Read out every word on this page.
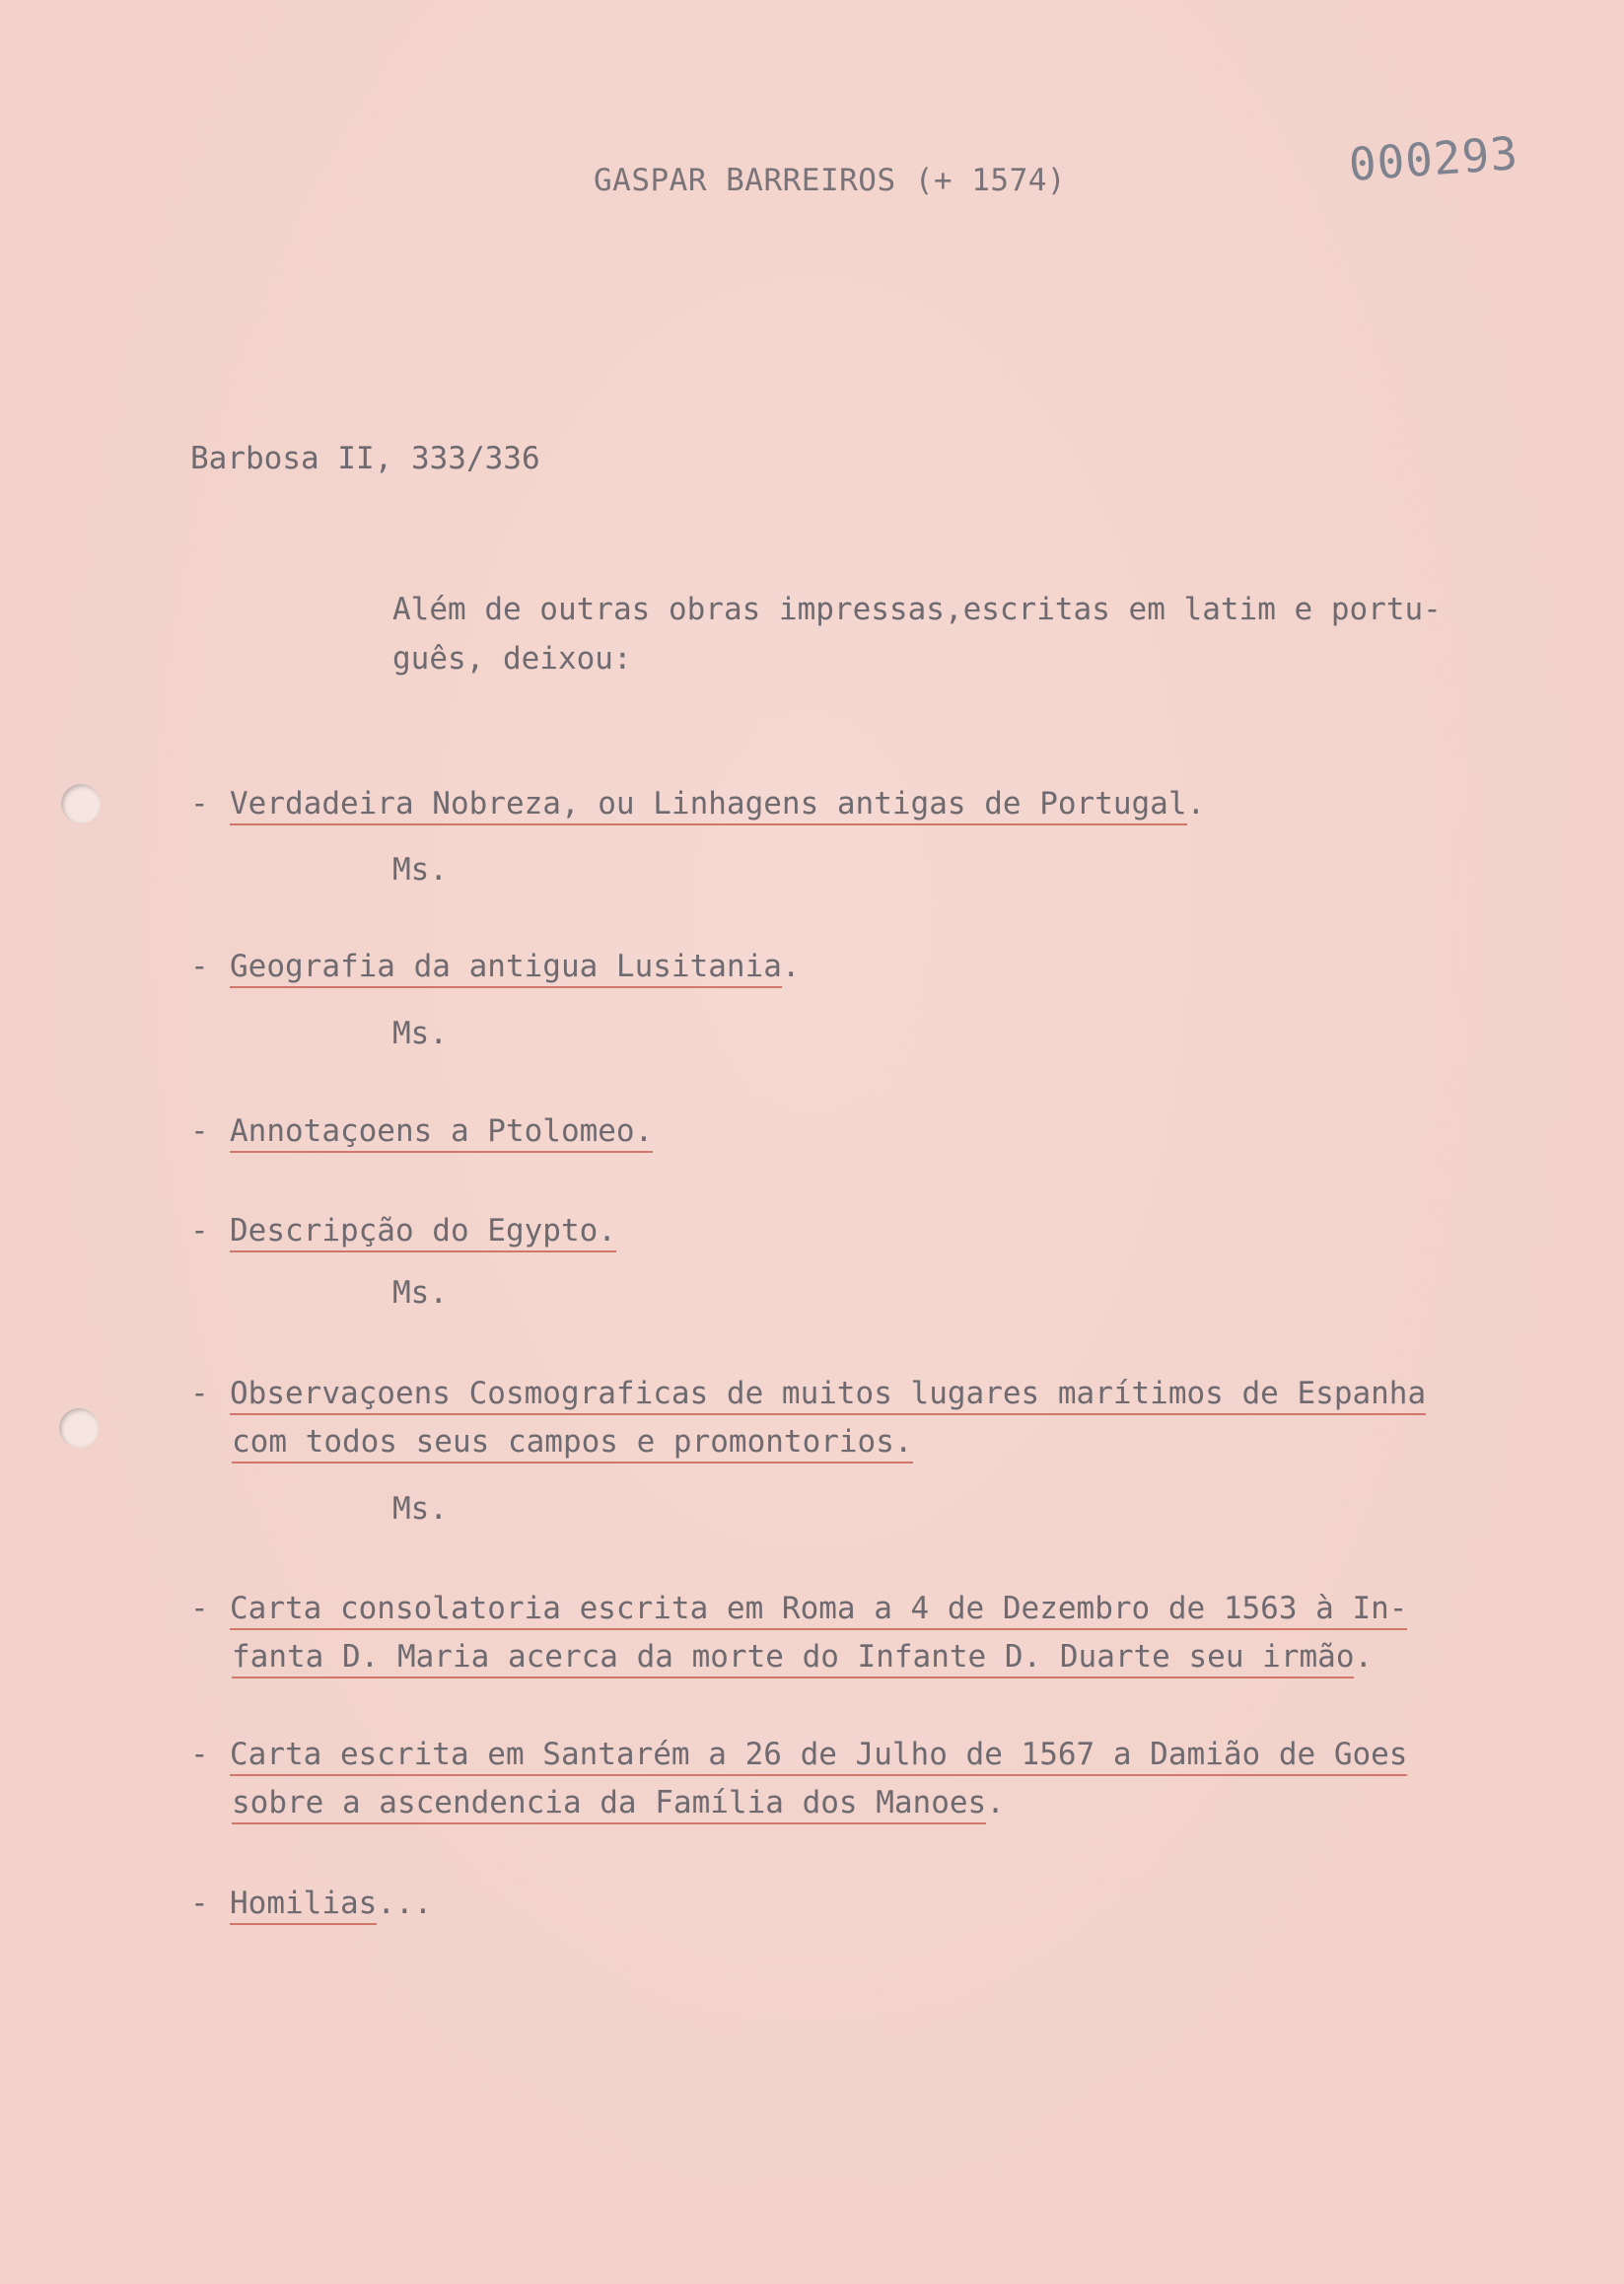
GASPAR BARREIROS (+ 1574)	000293
Barbosa II, 333/336
Além de outras obras impressas,escritas em latim e portu-
guês, deixou:
- Verdadeira Nobreza, ou Linhagens antigas de Portugal.
Ms.
- Geografia da antigua Lusitania.
Ms.
- Annotaçoens a Ptolomeo.
- Descripção do Egypto.
Ms.
- Observaçoens Cosmograficas de muitos lugares marítimos de Espanha
com todos seus campos e promontorios.
Ms.
- Carta consolatoria escrita em Roma a 4 de Dezembro de 1563 à In-
fanta D. Maria acerca da morte do Infante D. Duarte seu irmão.
- Carta escrita em Santarém a 26 de Julho de 1567 a Damião de Goes
sobre a ascendencia da Família dos Manoes.
- Homilias...
